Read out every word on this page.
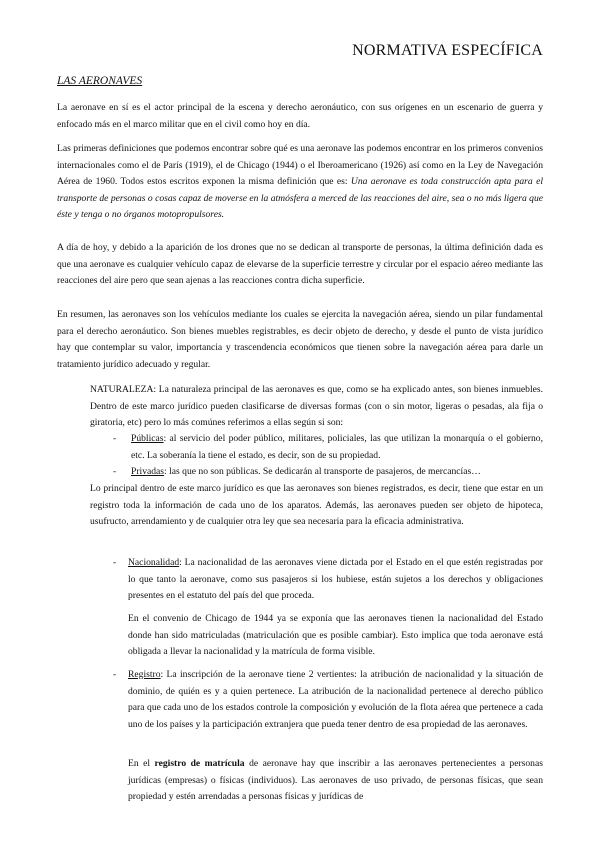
NORMATIVA ESPECÍFICA
LAS AERONAVES
La aeronave en sí es el actor principal de la escena y derecho aeronáutico, con sus orígenes en un escenario de guerra y enfocado más en el marco militar que en el civil como hoy en día.
Las primeras definiciones que podemos encontrar sobre qué es una aeronave las podemos encontrar en los primeros convenios internacionales como el de París (1919), el de Chicago (1944) o el Iberoamericano (1926) así como en la Ley de Navegación Aérea de 1960. Todos estos escritos exponen la misma definición que es: Una aeronave es toda construcción apta para el transporte de personas o cosas capaz de moverse en la atmósfera a merced de las reacciones del aire, sea o no más ligera que éste y tenga o no órganos motopropulsores.
A día de hoy, y debido a la aparición de los drones que no se dedican al transporte de personas, la última definición dada es que una aeronave es cualquier vehículo capaz de elevarse de la superficie terrestre y circular por el espacio aéreo mediante las reacciones del aire pero que sean ajenas a las reacciones contra dicha superficie.
En resumen, las aeronaves son los vehículos mediante los cuales se ejercita la navegación aérea, siendo un pilar fundamental para el derecho aeronáutico. Son bienes muebles registrables, es decir objeto de derecho, y desde el punto de vista jurídico hay que contemplar su valor, importancia y trascendencia económicos que tienen sobre la navegación aérea para darle un tratamiento jurídico adecuado y regular.
NATURALEZA: La naturaleza principal de las aeronaves es que, como se ha explicado antes, son bienes inmuebles. Dentro de este marco jurídico pueden clasificarse de diversas formas (con o sin motor, ligeras o pesadas, ala fija o giratoria, etc) pero lo más comúnes referimos a ellas según si son:
- Públicas: al servicio del poder público, militares, policiales, las que utilizan la monarquía o el gobierno, etc. La soberanía la tiene el estado, es decir, son de su propiedad.
- Privadas: las que no son públicas. Se dedicarán al transporte de pasajeros, de mercancías…
Lo principal dentro de este marco jurídico es que las aeronaves son bienes registrados, es decir, tiene que estar en un registro toda la información de cada uno de los aparatos. Además, las aeronaves pueden ser objeto de hipoteca, usufructo, arrendamiento y de cualquier otra ley que sea necesaria para la eficacia administrativa.
- Nacionalidad: La nacionalidad de las aeronaves viene dictada por el Estado en el que estén registradas por lo que tanto la aeronave, como sus pasajeros si los hubiese, están sujetos a los derechos y obligaciones presentes en el estatuto del país del que proceda.
En el convenio de Chicago de 1944 ya se exponía que las aeronaves tienen la nacionalidad del Estado donde han sido matriculadas (matriculación que es posible cambiar). Esto implica que toda aeronave está obligada a llevar la nacionalidad y la matrícula de forma visible.
- Registro: La inscripción de la aeronave tiene 2 vertientes: la atribución de nacionalidad y la situación de dominio, de quién es y a quien pertenece. La atribución de la nacionalidad pertenece al derecho público para que cada uno de los estados controle la composición y evolución de la flota aérea que pertenece a cada uno de los países y la participación extranjera que pueda tener dentro de esa propiedad de las aeronaves.
En el registro de matrícula de aeronave hay que inscribir a las aeronaves pertenecientes a personas jurídicas (empresas) o físicas (individuos). Las aeronaves de uso privado, de personas físicas, que sean propiedad y estén arrendadas a personas físicas y jurídicas de
